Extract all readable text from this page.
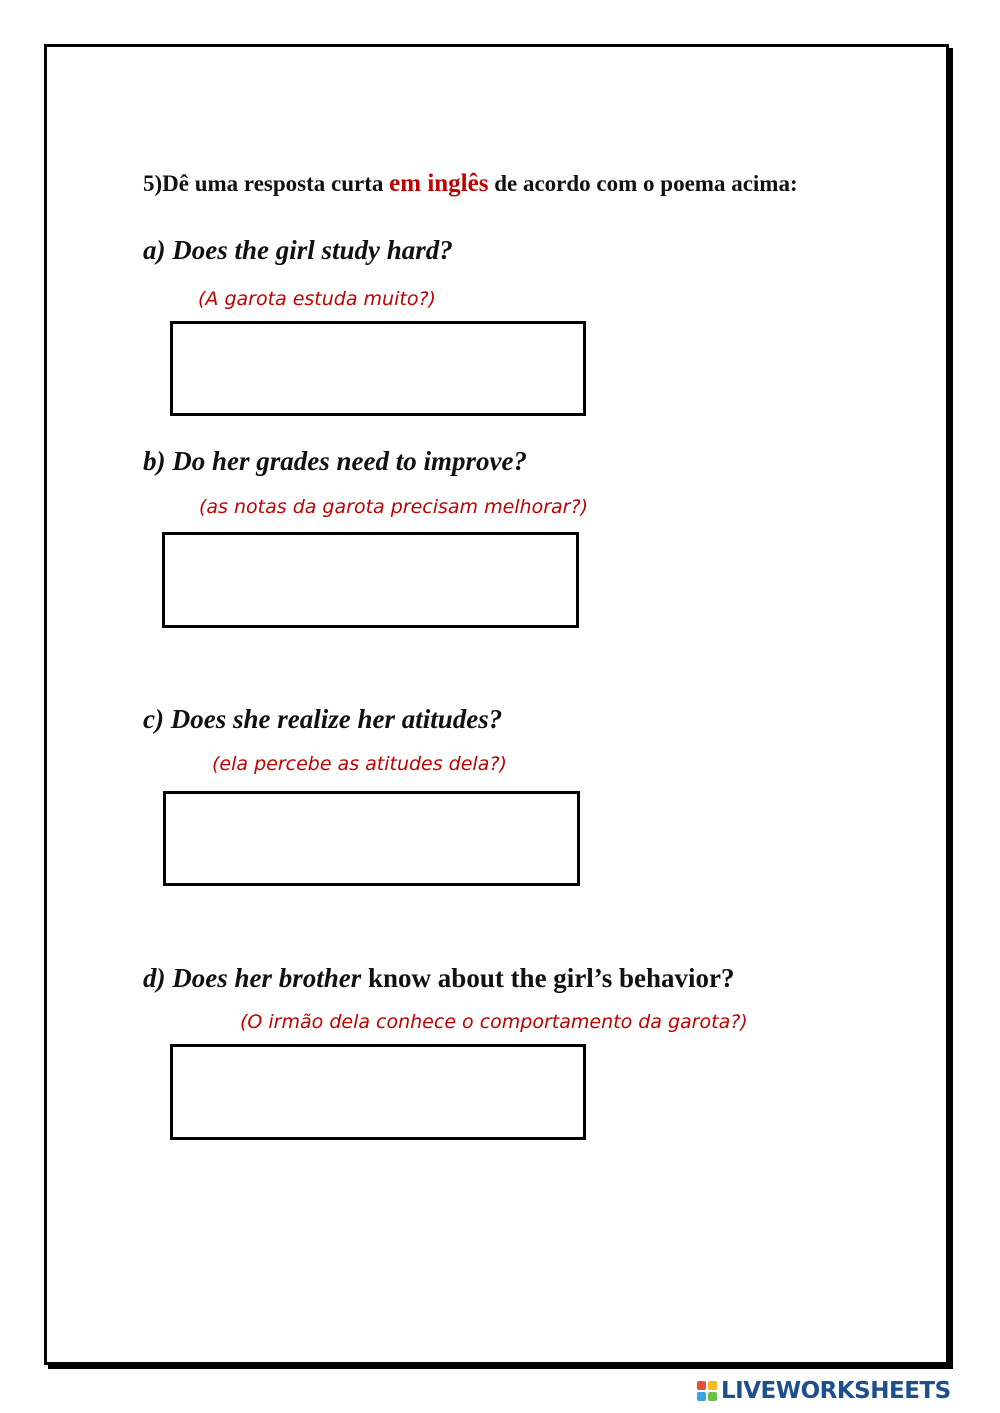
5)Dê uma resposta curta em inglês de acordo com o poema acima:
a) Does the girl study hard?
(A garota estuda muito?)
b) Do her grades need to improve?
(as notas da garota precisam melhorar?)
c) Does she realize her atitudes?
(ela percebe as atitudes dela?)
d) Does her brother know about the girl’s behavior?
(O irmão dela conhece o comportamento da garota?)
LIVEWORKSHEETS
